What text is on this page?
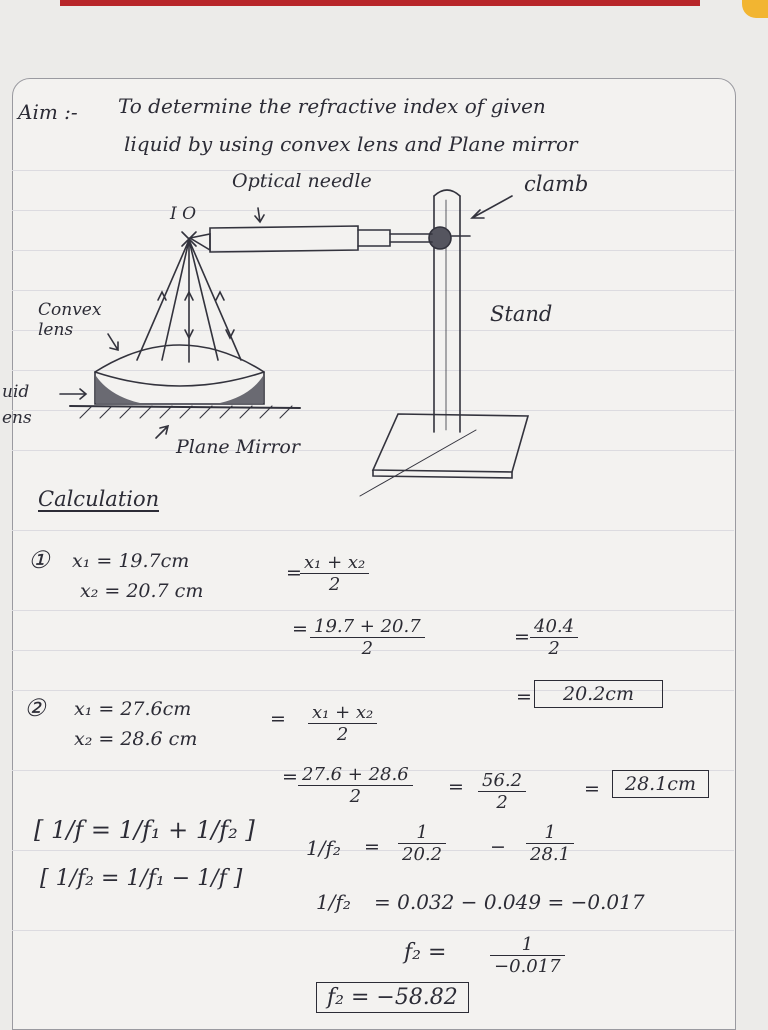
Aim :- To determine the refractive index of given
liquid by using convex lens and Plane mirror
Optical needle	clamb
I O
Stand
Convex lens
uid
ens
Plane Mirror
Calculation
① x₁ = 19.7cm
x₂ = 20.7 cm	$\frac{\text{x₁ + x₂}}{2}$
=
= $\frac{19.7 + 20.7}{2}$	= $\frac{40.4}{2}$
=	20.2cm
② x₁ = 27.6cm
x₂ = 28.6 cm
= $\frac{\text{x₁ + x₂}}{2}$
= $\frac{27.6 + 28.6}{2} = \frac{56.2}{2}$	=	28.1cm
[ 1/f = 1/f₁ + 1/f₂ ]
[ 1/f₂ = 1/f₁ − 1/f ]
$1/f_2 = \frac{1}{20.2} - \frac{1}{28.1}$
1/f₂ = 0.032 − 0.049 = −0.017
$f_2 = \frac{1}{-0.017}$
f₂ = −58.82
